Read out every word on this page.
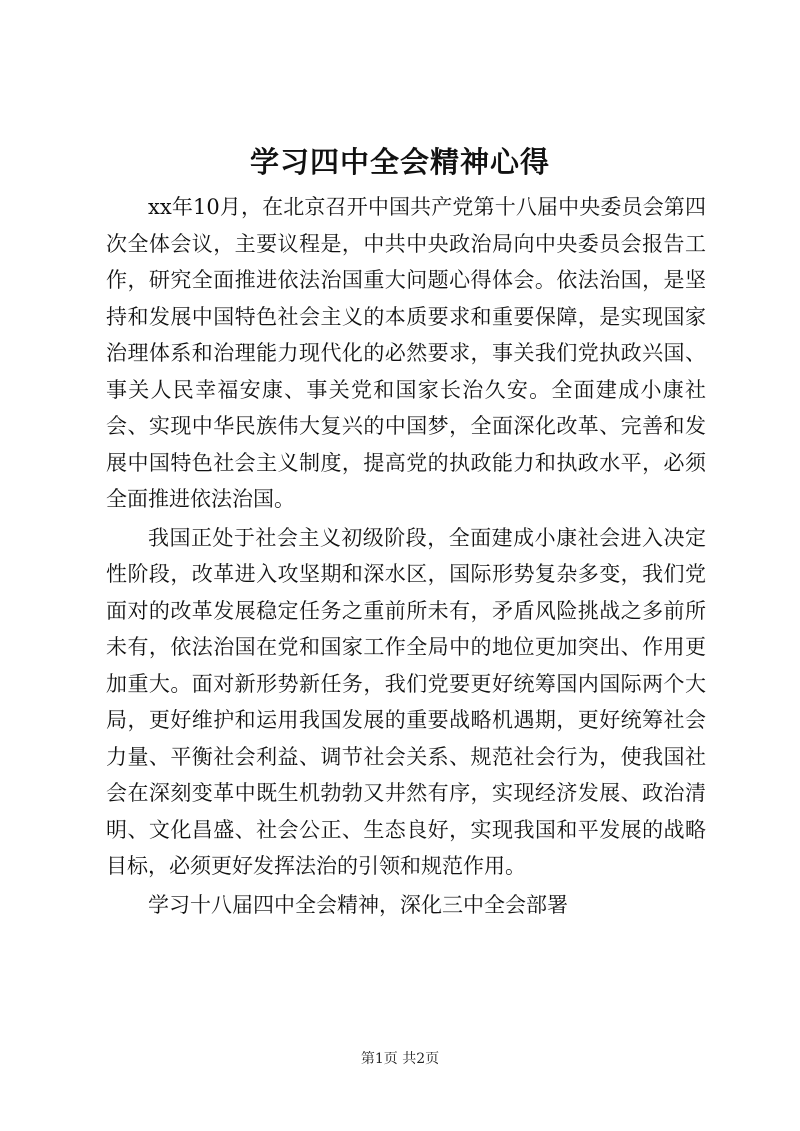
学习四中全会精神心得

xx年10月，在北京召开中国共产党第十八届中央委员会第四次全体会议，主要议程是，中共中央政治局向中央委员会报告工作，研究全面推进依法治国重大问题心得体会。依法治国，是坚持和发展中国特色社会主义的本质要求和重要保障，是实现国家治理体系和治理能力现代化的必然要求，事关我们党执政兴国、事关人民幸福安康、事关党和国家长治久安。全面建成小康社会、实现中华民族伟大复兴的中国梦，全面深化改革、完善和发展中国特色社会主义制度，提高党的执政能力和执政水平，必须全面推进依法治国。

我国正处于社会主义初级阶段，全面建成小康社会进入决定性阶段，改革进入攻坚期和深水区，国际形势复杂多变，我们党面对的改革发展稳定任务之重前所未有，矛盾风险挑战之多前所未有，依法治国在党和国家工作全局中的地位更加突出、作用更加重大。面对新形势新任务，我们党要更好统筹国内国际两个大局，更好维护和运用我国发展的重要战略机遇期，更好统筹社会力量、平衡社会利益、调节社会关系、规范社会行为，使我国社会在深刻变革中既生机勃勃又井然有序，实现经济发展、政治清明、文化昌盛、社会公正、生态良好，实现我国和平发展的战略目标，必须更好发挥法治的引领和规范作用。

学习十八届四中全会精神，深化三中全会部署

第1页 共2页
